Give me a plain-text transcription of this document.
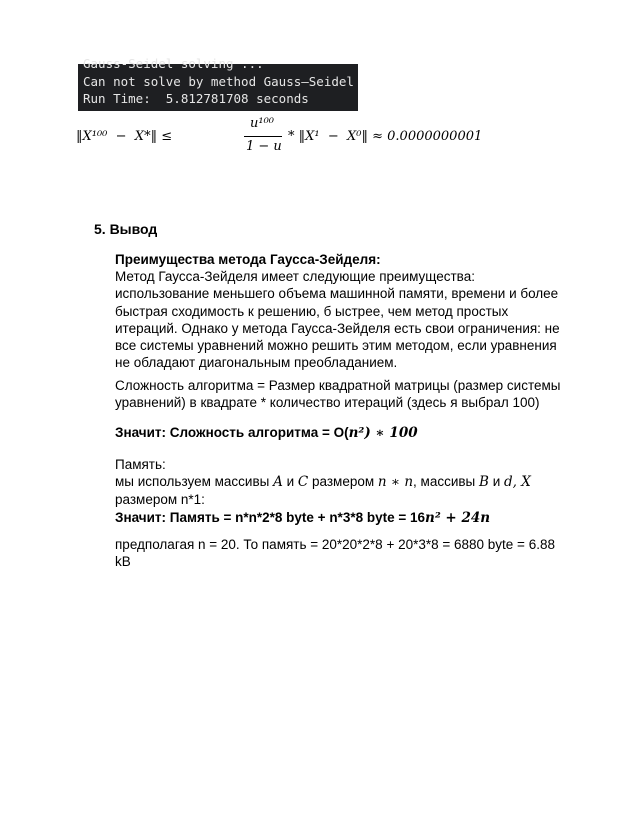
Gauss-Seidel solving ...
Can not solve by method Gauss–Seidel
Run Time:  5.812781708 seconds
‖X¹⁰⁰  −  X*‖ ≤
u¹⁰⁰
1 − u
* ‖X¹  −  X⁰‖ ≈ 0.0000000001
5. Вывод

Преимущества метода Гаусса-Зейделя:

Метод Гаусса-Зейделя имеет следующие преимущества:

использование меньшего объема машинной памяти, времени и более

быстрая сходимость к решению, б ыстрее, чем метод простых

итераций. Однако у метода Гаусса-Зейделя есть свои ограничения: не

все системы уравнений можно решить этим методом, если уравнения

не обладают диагональным преобладанием.

Сложность алгоритма = Размер квадратной матрицы (размер системы

уравнений) в квадрате * количество итераций (здесь я выбрал 100)

Значит: Сложность алгоритма = O(n²) ∗ 100

Память:

мы используем массивы A и C размером n ∗ n, массивы B и d, X

размером n*1:

Значит: Память = n*n*2*8 byte + n*3*8 byte = 16n² + 24n

предполагая n = 20. То память = 20*20*2*8 + 20*3*8 = 6880 byte = 6.88

kB
